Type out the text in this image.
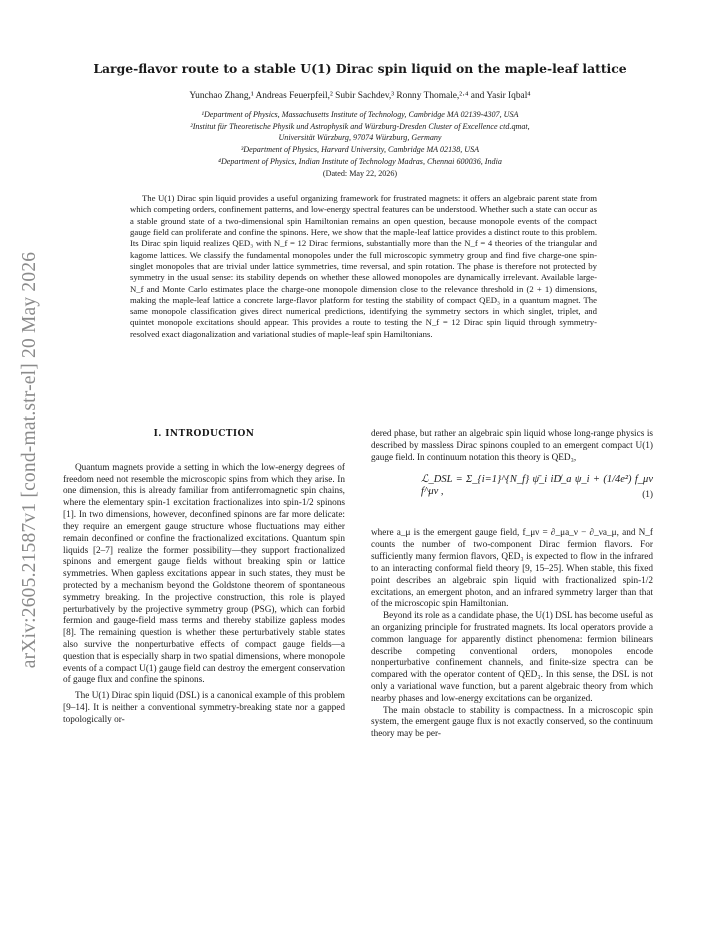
arXiv:2605.21587v1 [cond-mat.str-el] 20 May 2026
Large-flavor route to a stable U(1) Dirac spin liquid on the maple-leaf lattice
Yunchao Zhang,¹ Andreas Feuerpfeil,² Subir Sachdev,³ Ronny Thomale,²·⁴ and Yasir Iqbal⁴
¹Department of Physics, Massachusetts Institute of Technology, Cambridge MA 02139-4307, USA
²Institut für Theoretische Physik und Astrophysik and Würzburg-Dresden Cluster of Excellence ctd.qmat,
Universität Würzburg, 97074 Würzburg, Germany
³Department of Physics, Harvard University, Cambridge MA 02138, USA
⁴Department of Physics, Indian Institute of Technology Madras, Chennai 600036, India
(Dated: May 22, 2026)
The U(1) Dirac spin liquid provides a useful organizing framework for frustrated magnets: it offers an algebraic parent state from which competing orders, confinement patterns, and low-energy spectral features can be understood. Whether such a state can occur as a stable ground state of a two-dimensional spin Hamiltonian remains an open question, because monopole events of the compact gauge field can proliferate and confine the spinons. Here, we show that the maple-leaf lattice provides a distinct route to this problem. Its Dirac spin liquid realizes QED₃ with N_f = 12 Dirac fermions, substantially more than the N_f = 4 theories of the triangular and kagome lattices. We classify the fundamental monopoles under the full microscopic symmetry group and find five charge-one spin-singlet monopoles that are trivial under lattice symmetries, time reversal, and spin rotation. The phase is therefore not protected by symmetry in the usual sense: its stability depends on whether these allowed monopoles are dynamically irrelevant. Available large-N_f and Monte Carlo estimates place the charge-one monopole dimension close to the relevance threshold in (2 + 1) dimensions, making the maple-leaf lattice a concrete large-flavor platform for testing the stability of compact QED₃ in a quantum magnet. The same monopole classification gives direct numerical predictions, identifying the symmetry sectors in which singlet, triplet, and quintet monopole excitations should appear. This provides a route to testing the N_f = 12 Dirac spin liquid through symmetry-resolved exact diagonalization and variational studies of maple-leaf spin Hamiltonians.
I. INTRODUCTION

Quantum magnets provide a setting in which the low-energy degrees of freedom need not resemble the microscopic spins from which they arise. In one dimension, this is already familiar from antiferromagnetic spin chains, where the elementary spin-1 excitation fractionalizes into spin-1/2 spinons [1]. In two dimensions, however, deconfined spinons are far more delicate: they require an emergent gauge structure whose fluctuations may either remain deconfined or confine the fractionalized excitations. Quantum spin liquids [2–7] realize the former possibility—they support fractionalized spinons and emergent gauge fields without breaking spin or lattice symmetries. When gapless excitations appear in such states, they must be protected by a mechanism beyond the Goldstone theorem of spontaneous symmetry breaking. In the projective construction, this role is played perturbatively by the projective symmetry group (PSG), which can forbid fermion and gauge-field mass terms and thereby stabilize gapless modes [8]. The remaining question is whether these perturbatively stable states also survive the nonperturbative effects of compact gauge fields—a question that is especially sharp in two spatial dimensions, where monopole events of a compact U(1) gauge field can destroy the emergent conservation of gauge flux and confine the spinons.

The U(1) Dirac spin liquid (DSL) is a canonical example of this problem [9–14]. It is neither a conventional symmetry-breaking state nor a gapped topologically or-

dered phase, but rather an algebraic spin liquid whose long-range physics is described by massless Dirac spinons coupled to an emergent compact U(1) gauge field. In continuum notation this theory is QED₃,

ℒ_DSL = Σ_{i=1}^{N_f} ψ̄_i iD̸_a ψ_i + (1/4e²) f_μν f^μν ,	(1)

where a_μ is the emergent gauge field, f_μν = ∂_μa_ν − ∂_νa_μ, and N_f counts the number of two-component Dirac fermion flavors. For sufficiently many fermion flavors, QED₃ is expected to flow in the infrared to an interacting conformal field theory [9, 15–25]. When stable, this fixed point describes an algebraic spin liquid with fractionalized spin-1/2 excitations, an emergent photon, and an infrared symmetry larger than that of the microscopic spin Hamiltonian.

Beyond its role as a candidate phase, the U(1) DSL has become useful as an organizing principle for frustrated magnets. Its local operators provide a common language for apparently distinct phenomena: fermion bilinears describe competing conventional orders, monopoles encode nonperturbative confinement channels, and finite-size spectra can be compared with the operator content of QED₃. In this sense, the DSL is not only a variational wave function, but a parent algebraic theory from which nearby phases and low-energy excitations can be organized.

The main obstacle to stability is compactness. In a microscopic spin system, the emergent gauge flux is not exactly conserved, so the continuum theory may be per-
